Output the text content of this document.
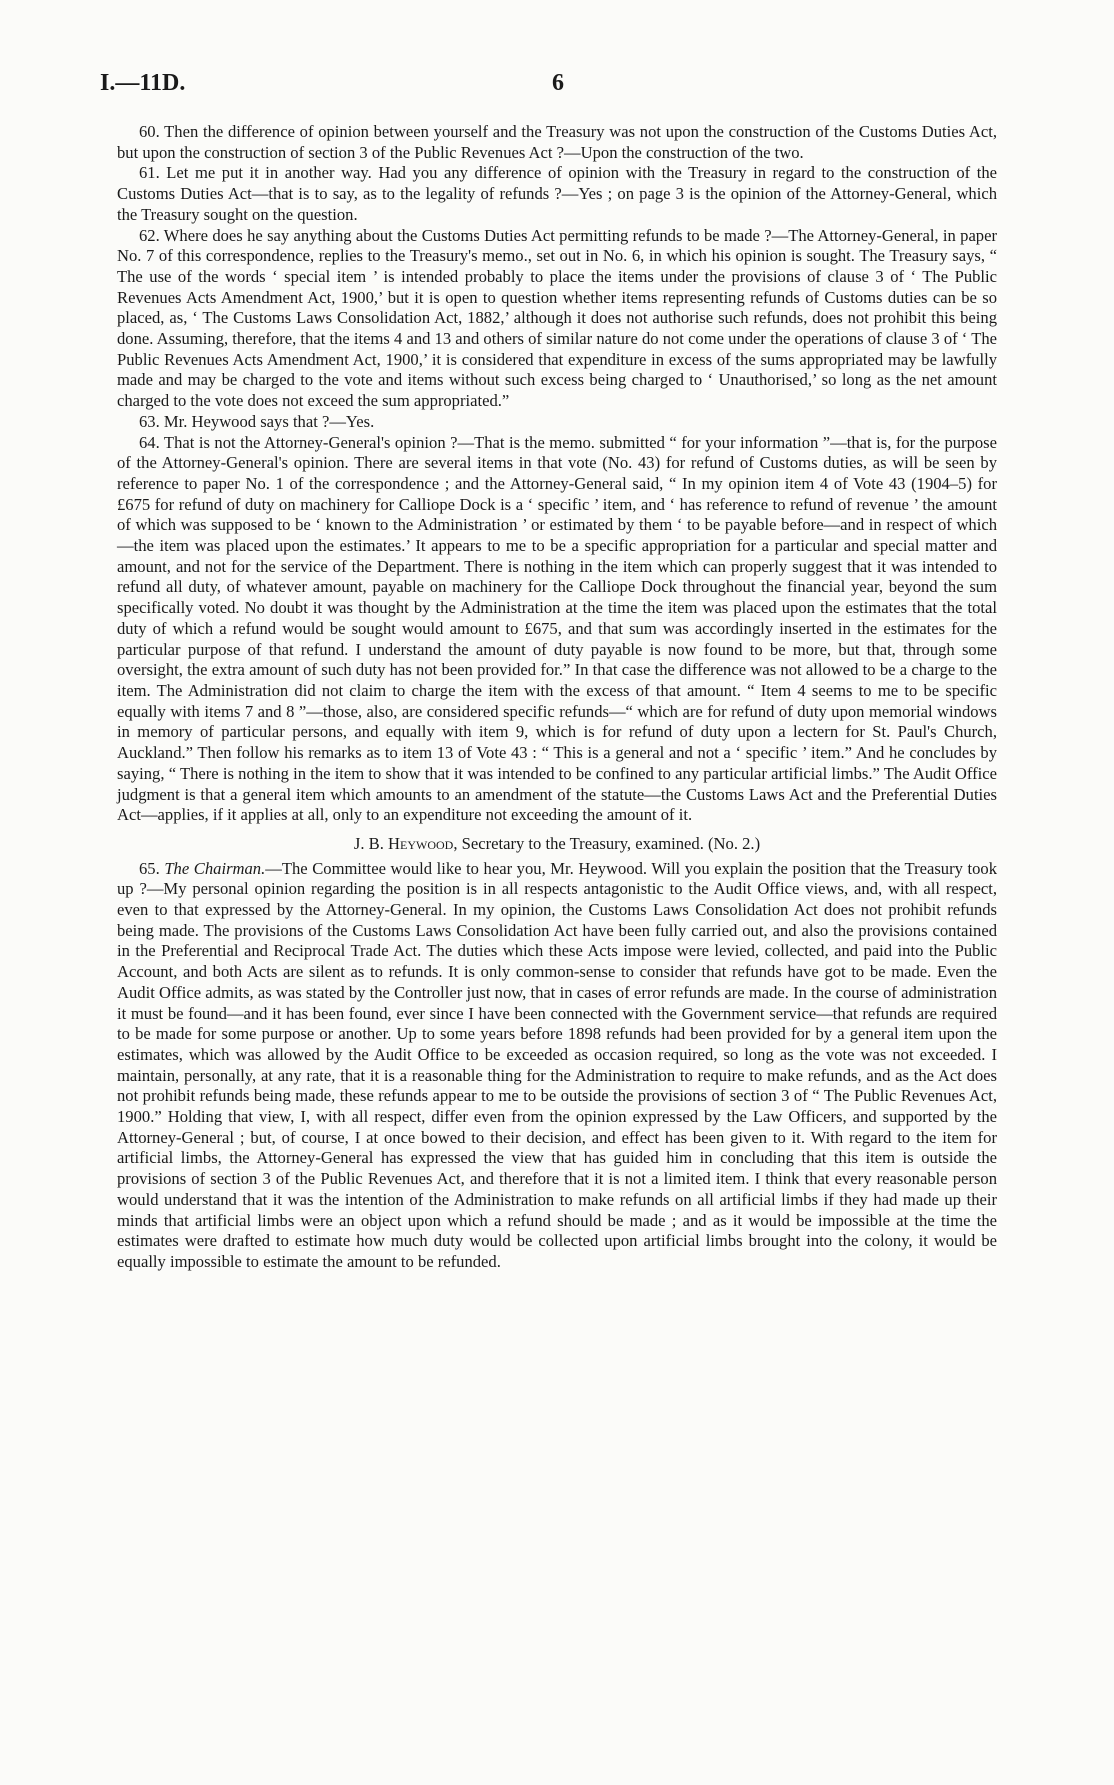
I.—11D.	6

60. Then the difference of opinion between yourself and the Treasury was not upon the construction of the Customs Duties Act, but upon the construction of section 3 of the Public Revenues Act ?—Upon the construction of the two.

61. Let me put it in another way. Had you any difference of opinion with the Treasury in regard to the construction of the Customs Duties Act—that is to say, as to the legality of refunds ?—Yes ; on page 3 is the opinion of the Attorney-General, which the Treasury sought on the question.

62. Where does he say anything about the Customs Duties Act permitting refunds to be made ?—The Attorney-General, in paper No. 7 of this correspondence, replies to the Treasury's memo., set out in No. 6, in which his opinion is sought. The Treasury says, “ The use of the words ‘ special item ’ is intended probably to place the items under the provisions of clause 3 of ‘ The Public Revenues Acts Amendment Act, 1900,’ but it is open to question whether items representing refunds of Customs duties can be so placed, as, ‘ The Customs Laws Consolidation Act, 1882,’ although it does not authorise such refunds, does not prohibit this being done. Assuming, therefore, that the items 4 and 13 and others of similar nature do not come under the operations of clause 3 of ‘ The Public Revenues Acts Amendment Act, 1900,’ it is considered that expenditure in excess of the sums appropriated may be lawfully made and may be charged to the vote and items without such excess being charged to ‘ Unauthorised,’ so long as the net amount charged to the vote does not exceed the sum appropriated.”

63. Mr. Heywood says that ?—Yes.

64. That is not the Attorney-General's opinion ?—That is the memo. submitted “ for your information ”—that is, for the purpose of the Attorney-General's opinion. There are several items in that vote (No. 43) for refund of Customs duties, as will be seen by reference to paper No. 1 of the correspondence ; and the Attorney-General said, “ In my opinion item 4 of Vote 43 (1904–5) for £675 for refund of duty on machinery for Calliope Dock is a ‘ specific ’ item, and ‘ has reference to refund of revenue ’ the amount of which was supposed to be ‘ known to the Administration ’ or estimated by them ‘ to be payable before—and in respect of which—the item was placed upon the estimates.’ It appears to me to be a specific appropriation for a particular and special matter and amount, and not for the service of the Department. There is nothing in the item which can properly suggest that it was intended to refund all duty, of whatever amount, payable on machinery for the Calliope Dock throughout the financial year, beyond the sum specifically voted. No doubt it was thought by the Administration at the time the item was placed upon the estimates that the total duty of which a refund would be sought would amount to £675, and that sum was accordingly inserted in the estimates for the particular purpose of that refund. I understand the amount of duty payable is now found to be more, but that, through some oversight, the extra amount of such duty has not been provided for.” In that case the difference was not allowed to be a charge to the item. The Administration did not claim to charge the item with the excess of that amount. “ Item 4 seems to me to be specific equally with items 7 and 8 ”—those, also, are considered specific refunds—“ which are for refund of duty upon memorial windows in memory of particular persons, and equally with item 9, which is for refund of duty upon a lectern for St. Paul's Church, Auckland.” Then follow his remarks as to item 13 of Vote 43 : “ This is a general and not a ‘ specific ’ item.” And he concludes by saying, “ There is nothing in the item to show that it was intended to be confined to any particular artificial limbs.” The Audit Office judgment is that a general item which amounts to an amendment of the statute—the Customs Laws Act and the Preferential Duties Act—applies, if it applies at all, only to an expenditure not exceeding the amount of it.

J. B. Heywood, Secretary to the Treasury, examined. (No. 2.)

65. The Chairman.—The Committee would like to hear you, Mr. Heywood. Will you explain the position that the Treasury took up ?—My personal opinion regarding the position is in all respects antagonistic to the Audit Office views, and, with all respect, even to that expressed by the Attorney-General. In my opinion, the Customs Laws Consolidation Act does not prohibit refunds being made. The provisions of the Customs Laws Consolidation Act have been fully carried out, and also the provisions contained in the Preferential and Reciprocal Trade Act. The duties which these Acts impose were levied, collected, and paid into the Public Account, and both Acts are silent as to refunds. It is only common-sense to consider that refunds have got to be made. Even the Audit Office admits, as was stated by the Controller just now, that in cases of error refunds are made. In the course of administration it must be found—and it has been found, ever since I have been connected with the Government service—that refunds are required to be made for some purpose or another. Up to some years before 1898 refunds had been provided for by a general item upon the estimates, which was allowed by the Audit Office to be exceeded as occasion required, so long as the vote was not exceeded. I maintain, personally, at any rate, that it is a reasonable thing for the Administration to require to make refunds, and as the Act does not prohibit refunds being made, these refunds appear to me to be outside the provisions of section 3 of “ The Public Revenues Act, 1900.” Holding that view, I, with all respect, differ even from the opinion expressed by the Law Officers, and supported by the Attorney-General ; but, of course, I at once bowed to their decision, and effect has been given to it. With regard to the item for artificial limbs, the Attorney-General has expressed the view that has guided him in concluding that this item is outside the provisions of section 3 of the Public Revenues Act, and therefore that it is not a limited item. I think that every reasonable person would understand that it was the intention of the Administration to make refunds on all artificial limbs if they had made up their minds that artificial limbs were an object upon which a refund should be made ; and as it would be impossible at the time the estimates were drafted to estimate how much duty would be collected upon artificial limbs brought into the colony, it would be equally impossible to estimate the amount to be refunded.
